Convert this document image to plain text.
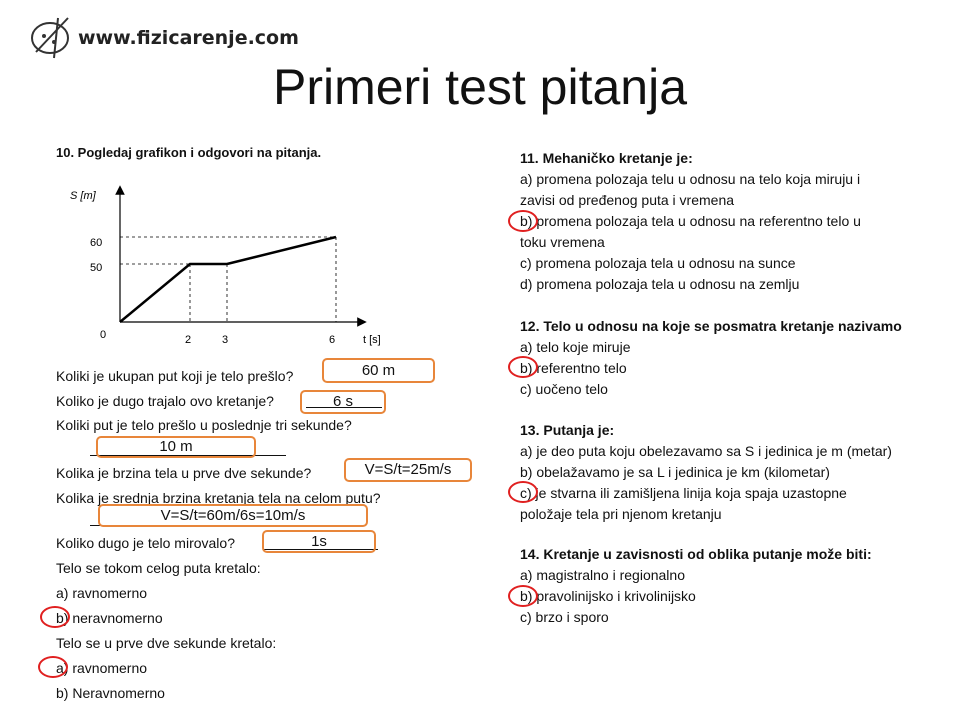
www.fizicarenje.com
Primeri test pitanja
10. Pogledaj grafikon i odgovori na pitanja.
S [m]
t [s]
0
60
50
2	3	6
Koliki je ukupan put koji je telo prešlo?	60 m
Koliko je dugo trajalo ovo kretanje?	6 s
Koliki put je telo prešlo u poslednje tri sekunde?
10 m
Kolika je brzina tela u prve dve sekunde?	V=S/t=25m/s
Kolika je srednja brzina kretanja tela na celom putu?
V=S/t=60m/6s=10m/s
Koliko dugo je telo mirovalo?	1s
Telo se tokom celog puta kretalo:
a) ravnomerno
b) neravnomerno
Telo se u prve dve sekunde kretalo:
a) ravnomerno
b) Neravnomerno
11. Mehaničko kretanje je:
a) promena polozaja telu u odnosu na telo koja miruju i
zavisi od pređenog puta i vremena
b) promena polozaja tela u odnosu na referentno telo u
toku vremena
c) promena polozaja tela u odnosu na sunce
d) promena polozaja tela u odnosu na zemlju
12. Telo u odnosu na koje se posmatra kretanje nazivamo
a) telo koje miruje
b) referentno telo
c) uočeno telo
13. Putanja je:
a) je deo puta koju obelezavamo sa S i jedinica je m (metar)
b) obelažavamo je sa L i jedinica je km (kilometar)
c) je stvarna ili zamišljena linija koja spaja uzastopne
položaje tela pri njenom kretanju
14. Kretanje u zavisnosti od oblika putanje može biti:
a) magistralno i regionalno
b) pravolinijsko i krivolinijsko
c) brzo i sporo
